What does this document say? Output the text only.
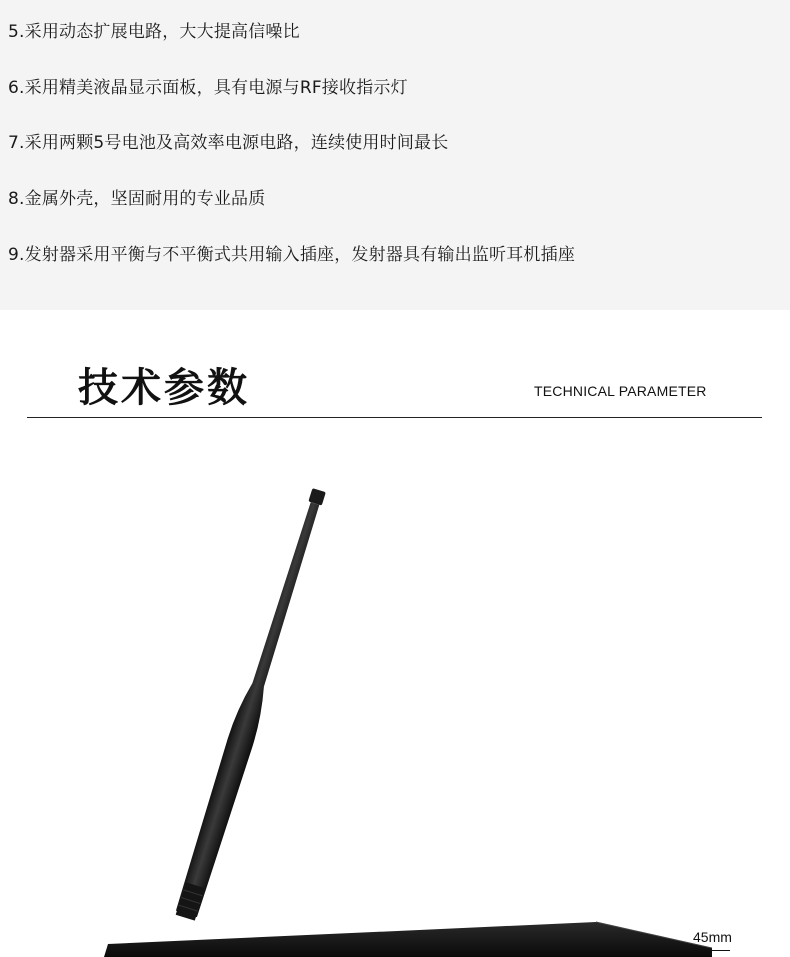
5.采用动态扩展电路，大大提高信噪比
6.采用精美液晶显示面板，具有电源与RF接收指示灯
7.采用两颗5号电池及高效率电源电路，连续使用时间最长
8.金属外壳，坚固耐用的专业品质
9.发射器采用平衡与不平衡式共用输入插座，发射器具有输出监听耳机插座
技术参数	TECHNICAL PARAMETER
45mm
